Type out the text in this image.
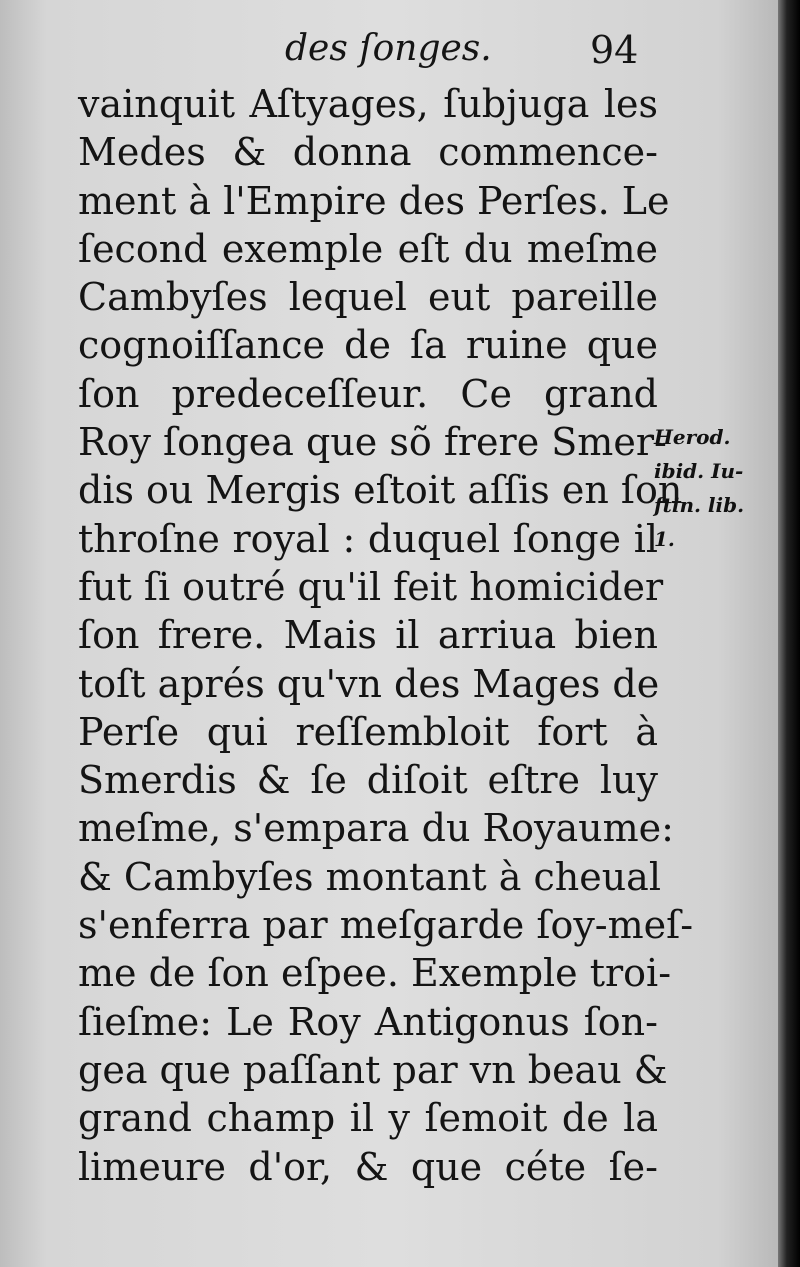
des ſonges.	94
vainquit Aſtyages, ſubjuga les
Medes & donna commence-
ment à l'Empire des Perſes. Le
ſecond exemple eſt du meſme
Cambyſes lequel eut pareille
cognoiſſance de ſa ruine que
ſon predeceſſeur. Ce grand
Roy ſongea que sõ frere Smer-
dis ou Mergis eſtoit aſſis en ſon
throſne royal : duquel ſonge il
fut ſi outré qu'il feit homicider
ſon frere. Mais il arriua bien
toſt aprés qu'vn des Mages de
Perſe qui reſſembloit fort à
Smerdis & ſe diſoit eſtre luy
meſme, s'empara du Royaume:
& Cambyſes montant à cheual
s'enferra par meſgarde ſoy-meſ-
me de ſon eſpee. Exemple troi-
ſieſme: Le Roy Antigonus ſon-
gea que paſſant par vn beau &
grand champ il y ſemoit de la
limeure d'or, & que céte ſe-
Herod.
ibid. Iu-
ſtin. lib.
1.
